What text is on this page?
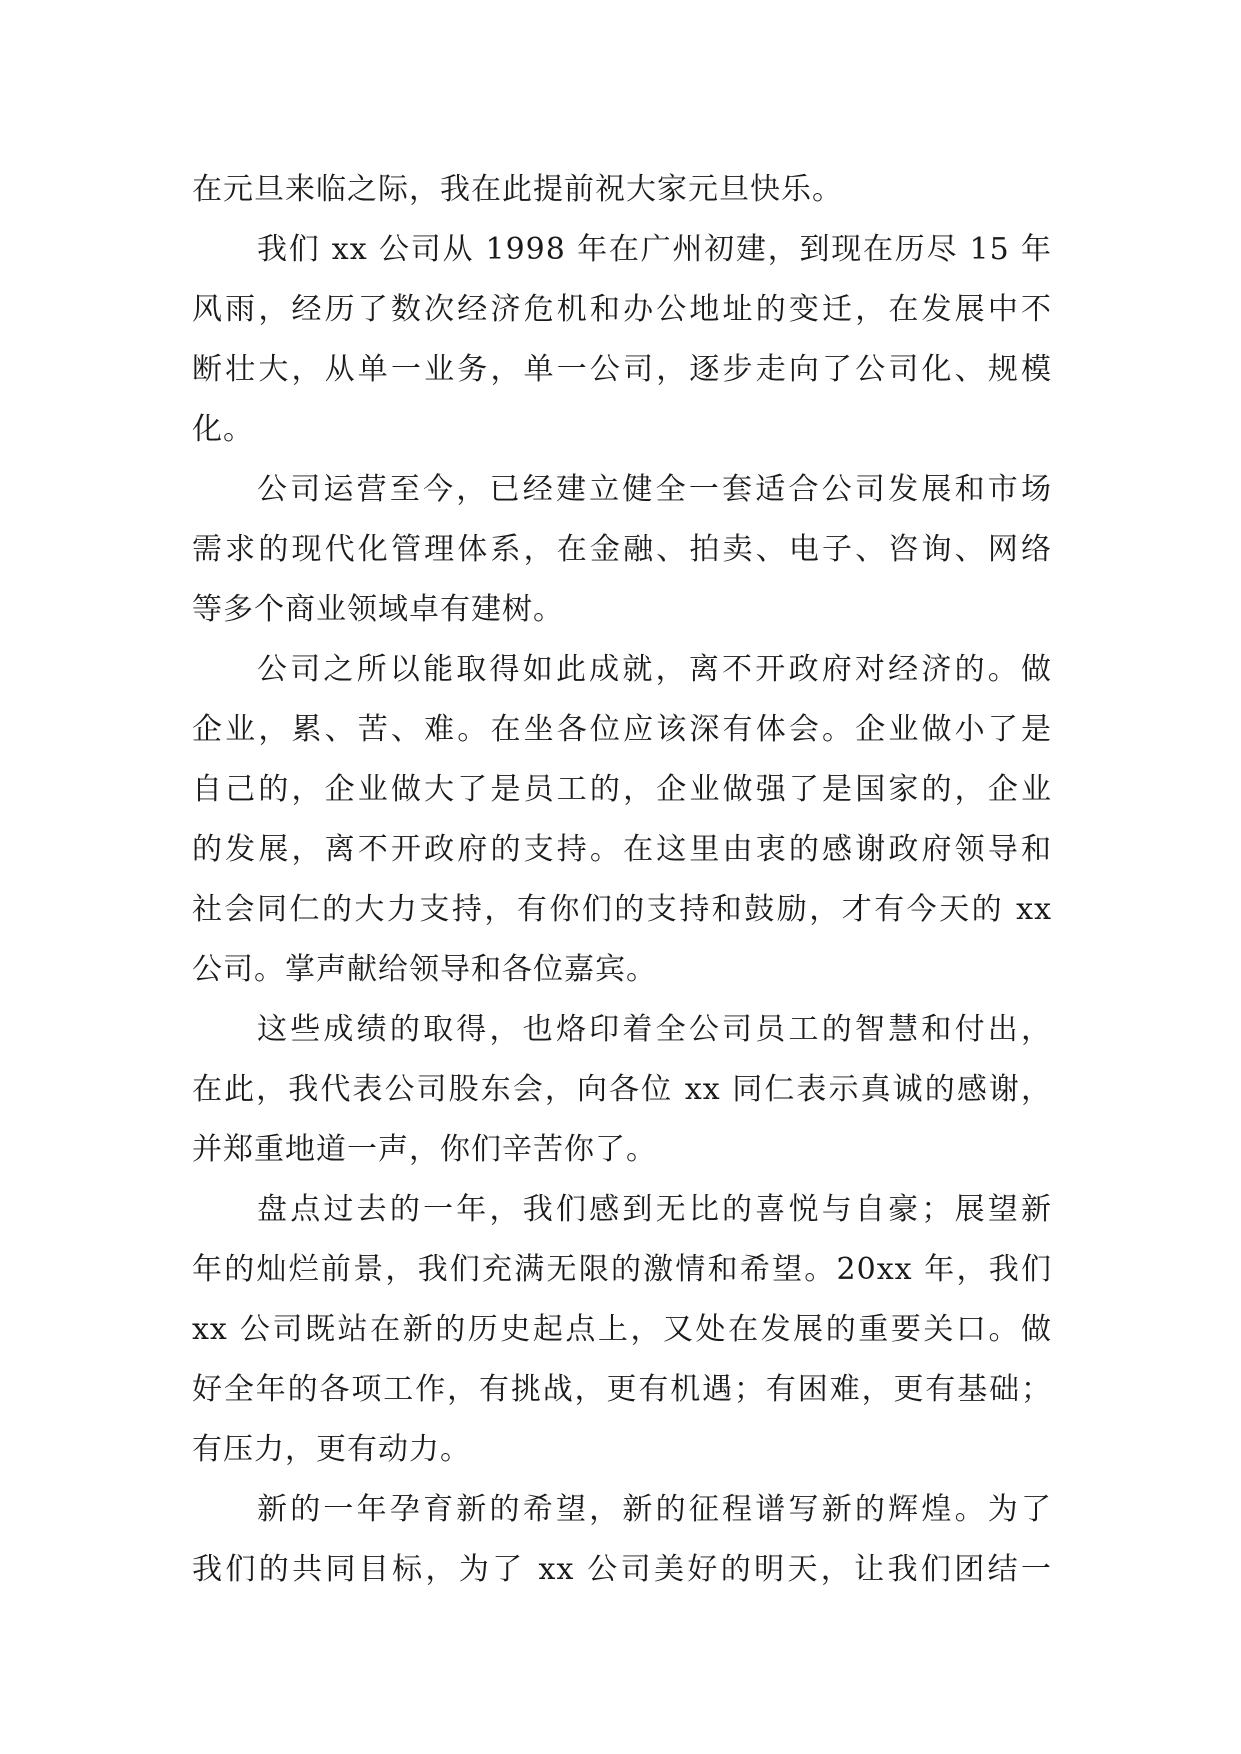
在元旦来临之际，我在此提前祝大家元旦快乐。
我们 xx 公司从 1998 年在广州初建，到现在历尽 15 年
风雨，经历了数次经济危机和办公地址的变迁，在发展中不
断壮大，从单一业务，单一公司，逐步走向了公司化、规模
化。
公司运营至今，已经建立健全一套适合公司发展和市场
需求的现代化管理体系，在金融、拍卖、电子、咨询、网络
等多个商业领域卓有建树。
公司之所以能取得如此成就，离不开政府对经济的。做
企业，累、苦、难。在坐各位应该深有体会。企业做小了是
自己的，企业做大了是员工的，企业做强了是国家的，企业
的发展，离不开政府的支持。在这里由衷的感谢政府领导和
社会同仁的大力支持，有你们的支持和鼓励，才有今天的 xx
公司。掌声献给领导和各位嘉宾。
这些成绩的取得，也烙印着全公司员工的智慧和付出，
在此，我代表公司股东会，向各位 xx 同仁表示真诚的感谢，
并郑重地道一声，你们辛苦你了。
盘点过去的一年，我们感到无比的喜悦与自豪；展望新
年的灿烂前景，我们充满无限的激情和希望。20xx 年，我们
xx 公司既站在新的历史起点上，又处在发展的重要关口。做
好全年的各项工作，有挑战，更有机遇；有困难，更有基础；
有压力，更有动力。
新的一年孕育新的希望，新的征程谱写新的辉煌。为了
我们的共同目标，为了 xx 公司美好的明天，让我们团结一
